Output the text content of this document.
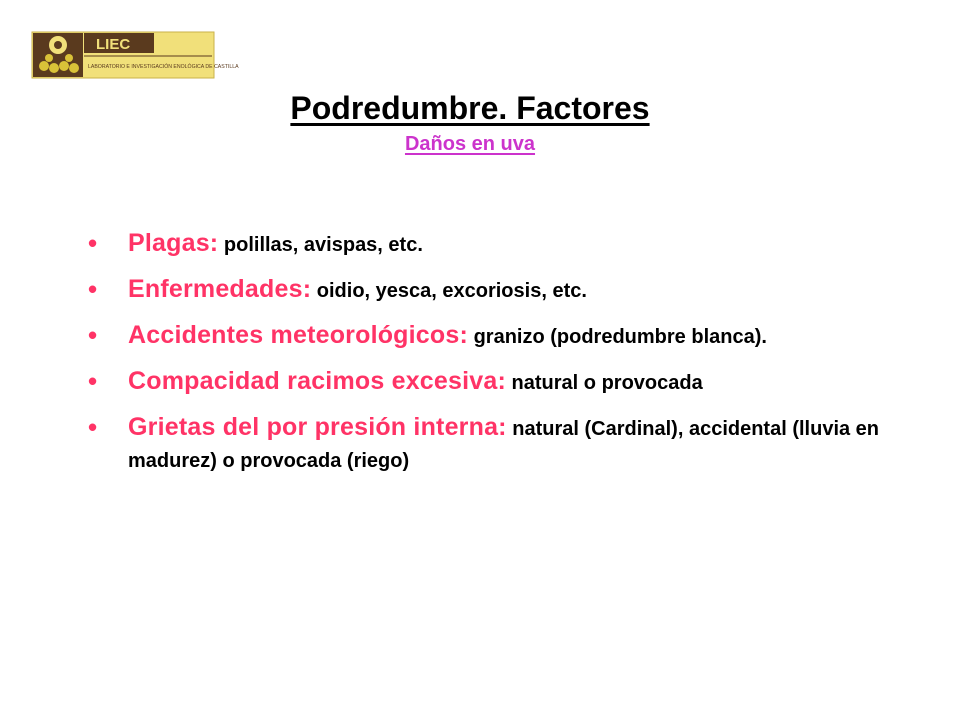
LIEC
LABORATORIO E INVESTIGACIÓN ENOLÓGICA DE CASTILLA
Podredumbre. Factores
Daños en uva
• Plagas: polillas, avispas, etc.
• Enfermedades: oidio, yesca, excoriosis, etc.
• Accidentes meteorológicos: granizo (podredumbre blanca).
• Compacidad racimos excesiva: natural o provocada
• Grietas del por presión interna: natural (Cardinal), accidental (lluvia en madurez) o provocada (riego)
